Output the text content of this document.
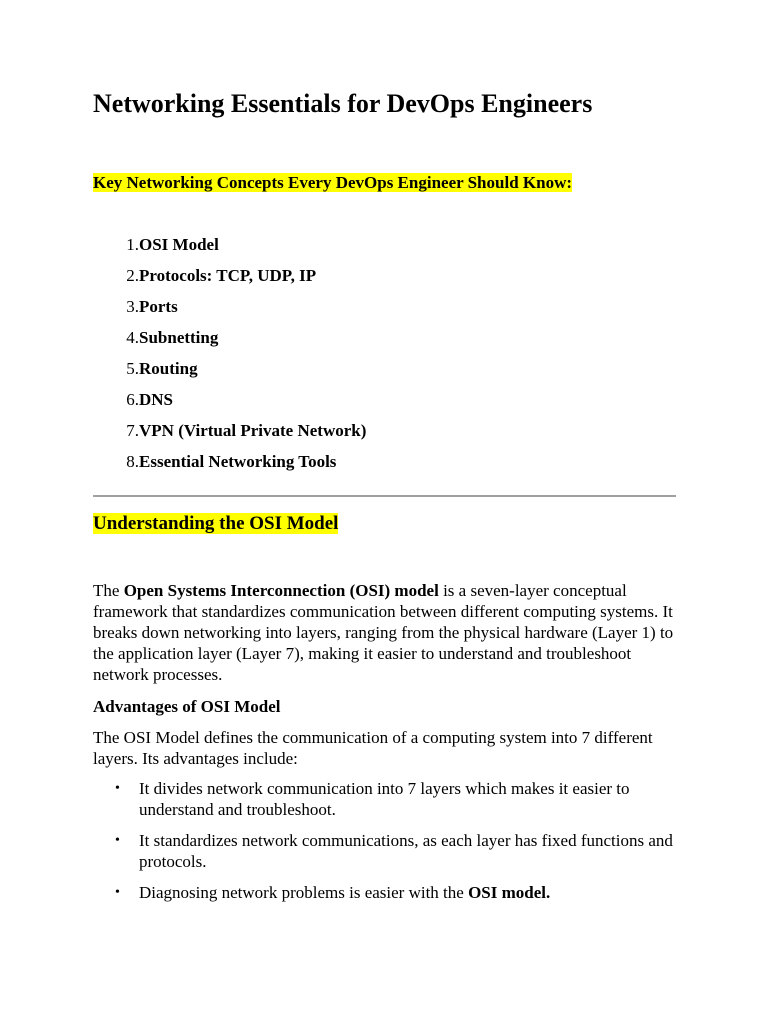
Networking Essentials for DevOps Engineers

Key Networking Concepts Every DevOps Engineer Should Know:

1. OSI Model
2. Protocols: TCP, UDP, IP
3. Ports
4. Subnetting
5. Routing
6. DNS
7. VPN (Virtual Private Network)
8. Essential Networking Tools
Understanding the OSI Model

The Open Systems Interconnection (OSI) model is a seven-layer conceptual framework that standardizes communication between different computing systems. It breaks down networking into layers, ranging from the physical hardware (Layer 1) to the application layer (Layer 7), making it easier to understand and troubleshoot network processes.

Advantages of OSI Model

The OSI Model defines the communication of a computing system into 7 different layers. Its advantages include:

• It divides network communication into 7 layers which makes it easier to understand and troubleshoot.
• It standardizes network communications, as each layer has fixed functions and protocols.
• Diagnosing network problems is easier with the OSI model.
